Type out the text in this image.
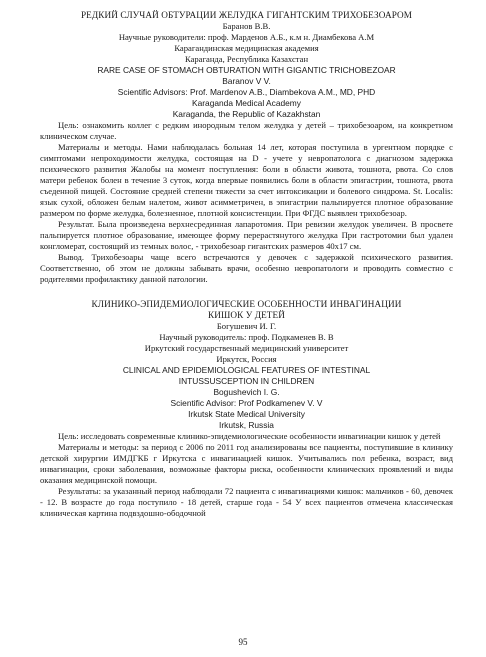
РЕДКИЙ СЛУЧАЙ ОБТУРАЦИИ ЖЕЛУДКА ГИГАНТСКИМ ТРИХОБЕЗОАРОМ

Баранов В.В.

Научные руководители: проф. Марденов А.Б., к.м н. Диамбекова А.М

Карагандинская медицинская академия

Караганда, Республика Казахстан

RARE CASE OF STOMACH OBTURATION WITH GIGANTIC TRICHOBEZOAR

Baranov V V.

Scientific Advisors: Prof. Mardenov A.B., Diambekova A.M., MD, PHD

Karaganda Medical Academy

Karaganda, the Republic of Kazakhstan

Цель: ознакомить коллег с редким инородным телом желудка у детей – трихобезоаром, на конкретном клиническом случае.

Материалы и методы. Нами наблюдалась больная 14 лет, которая поступила в ургентном порядке с симптомами непроходимости желудка, состоящая на D - учете у невропатолога с диагнозом задержка психического развития Жалобы на момент поступления: боли в области живота, тошнота, рвота. Со слов матери ребенок болен в течение 3 суток, когда впервые появились боли в области эпигастрии, тошнота, рвота съеденной пищей. Состояние средней степени тяжести за счет интоксикации и болевого синдрома. St. Localis: язык сухой, обложен белым налетом, живот асимметричен, в эпигастрии пальпируется плотное образование размером по форме желудка, болезненное, плотной консистенции. При ФГДС выявлен трихобезоар.

Результат. Была произведена верхнесрединная лапаротомия. При ревизии желудок увеличен. В просвете пальпируется плотное образование, имеющее форму перерастянутого желудка При гастротомии был удален конгломерат, состоящий из темных волос, - трихобезоар гигантских размеров 40х17 см.

Вывод. Трихобезоары чаще всего встречаются у девочек с задержкой психического развития. Соответственно, об этом не должны забывать врачи, особенно невропатологи и проводить совместно с родителями профилактику данной патологии.

КЛИНИКО-ЭПИДЕМИОЛОГИЧЕСКИЕ ОСОБЕННОСТИ ИНВАГИНАЦИИ

КИШОК У ДЕТЕЙ

Богушевич И. Г.

Научный руководитель: проф. Подкаменев В. В

Иркутский государственный медицинский университет

Иркутск, Россия

CLINICAL AND EPIDEMIOLOGICAL FEATURES OF INTESTINAL

INTUSSUSCEPTION IN CHILDREN

Bogushevich I. G.

Scientific Advisor: Prof Podkamenev V. V

Irkutsk State Medical University

Irkutsk, Russia

Цель: исследовать современные клинико-эпидемиологические особенности инвагинации кишок у детей

Материалы и методы: за период с 2006 по 2011 год анализированы все пациенты, поступившие в клинику детской хирургии ИМДГКБ г Иркутска с инвагинацией кишок. Учитывались пол ребенка, возраст, вид инвагинации, сроки заболевания, возможные факторы риска, особенности клинических проявлений и виды оказания медицинской помощи.

Результаты: за указанный период наблюдали 72 пациента с инвагинациями кишок: мальчиков - 60, девочек - 12. В возрасте до года поступило - 18 детей, старше года - 54 У всех пациентов отмечена классическая клиническая картина подвздошно-ободочной

95
